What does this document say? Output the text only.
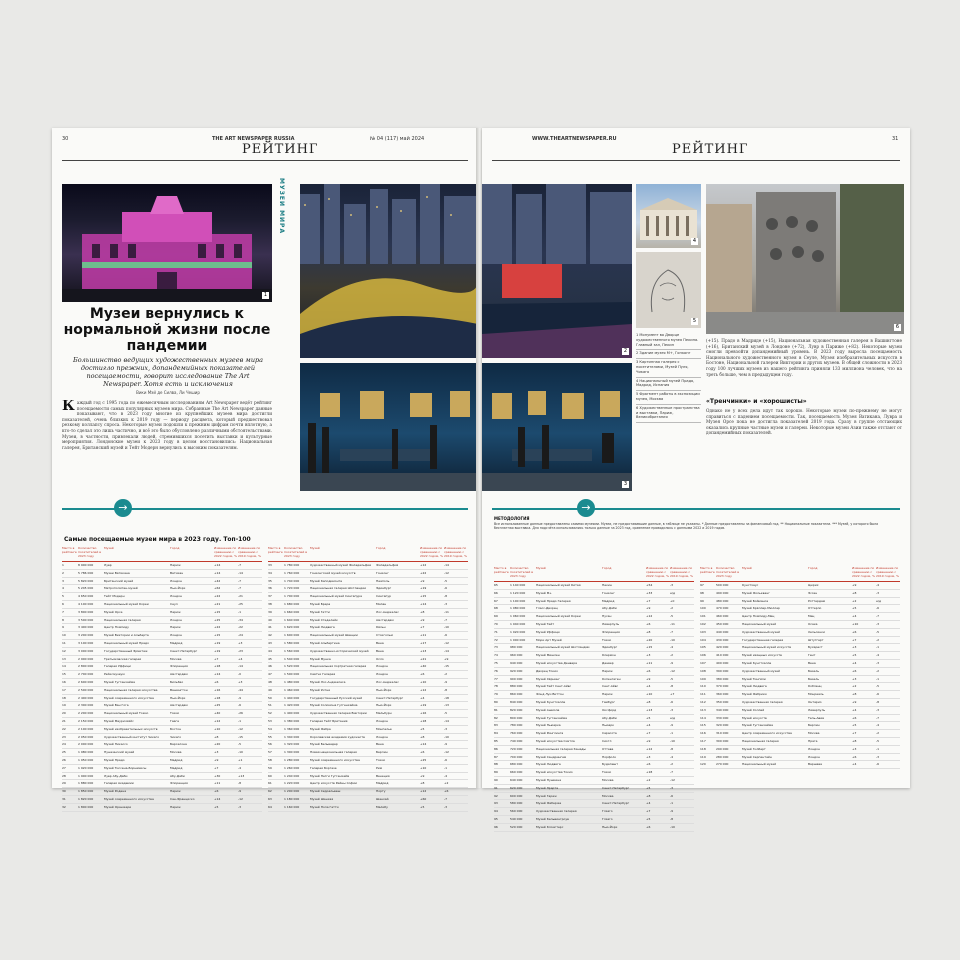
30	THE ART NEWSPAPER RUSSIA	№ 04 (117) май 2024
РЕЙТИНГ
1
МУЗЕИ МИРА
Музеи вернулись к нормальной жизни после пандемии
Большинство ведущих художественных музеев мира достигло прежних, допандемийных показателей посещаемости, говорит исследование The Art Newspaper. Хотя есть и исключения
Вики Мэй де Силва, Ли Чешир
Каждый год с 1995 года по ежемесячным исследованиям Art Newspaper ведёт рейтинг посещаемости самых популярных музеев мира. Собранные The Art Newspaper данные показывают, что в 2023 году многие из крупнейших музеев мира достигли показателей, очень близких к 2019 году — периоду расцвета, который предшествовал резкому коллапсу спроса. Некоторые музеи подошли к прежним цифрам почти вплотную, а кто-то сделал это лишь частично, и всё это было обусловлено различными обстоятельствами. Музеи, в частности, привлекали людей, стремившихся посетить выставки и культурные мероприятия. Лондонские музеи к 2023 году в целом восстановились: Национальная галерея, Британский музей и Тейт Модерн вернулись к высоким показателям.
WWW.THEARTNEWSPAPER.RU	31
РЕЙТИНГ
2
3
4
5
1 Монумент во Дворце художественного музея Пекина. Главный зал, Пекин
2 Здание музея M+, Гонконг
3 Картинная галерея с посетителями, Музей Пуля, Чикаго
4 Национальный музей Прадо, Мадрид, Испания
5 Фрагмент работы в экспозиции музея, Москва
6 Художественные пространства и выставки, Париж, Великобритания
6
(+15). Прадо в Мадриде (+15), Национальная художественная галерея в Вашингтоне (+16), Британский музей в Лондоне (+72), Лувр в Париже (+82). Некоторые музеи смогли превзойти допандемийный уровень. В 2023 году выросла посещаемость Национального художественного музея в Сеуле, Музея изобразительных искусств в Бостоне, Национальной галереи Виктории и других музеев. В общей сложности в 2023 году 100 лучших музеев из нашего рейтинга приняли 133 миллиона человек, что на треть больше, чем в предыдущем году.
«Тренчинки» и «хорошисты»
Однако не у всех дела идут так хорошо. Некоторые музеи по-прежнему не могут справиться с падением посещаемости. Так, посещаемость Музея Ватикана, Лувра и Музея Орсе пока не достигла показателей 2019 года. Сразу в группе отстающих оказались крупные частные музеи и галереи. Некоторые музеи Азии также отстают от допандемийных показателей.
МЕТОДОЛОГИЯ
Все использованные данные предоставлены самими музеями. Музеи, не предоставившие данные, в таблице не указаны. * Данные предоставлены за финансовый год. ** Национальные показатели. *** Музей, у которого была бесплатная выставка. Для подсчёта использовались только данные за 2023 год, сравнение проводилось с данными 2022 и 2019 годов.
→	→
Самые посещаемые музеи мира в 2023 году. Топ-100
Место в рейтинге
Количество посетителей в 2023 году
Музей	Город	Изменение по сравнению с 2022 годом, %
Изменение по сравнению с 2019 годом, %
1	8 900 000	Лувр	Париж	+14	-7
2	5 786 000	Музеи Ватикана	Ватикан	+14	-14
3	5 820 000	Британский музей	Лондон	+42	-7
4	5 245 000	Метрополитен-музей	Нью-Йорк	+62	-7
5	4 650 000	Тейт Модерн	Лондон	+22	-21
6	4 100 000	Национальный музей Кореи	Сеул	+21	-25
7	3 800 000	Музей Орсе	Париж	+15	-1
8	3 500 000	Национальная галерея	Лондон	+25	-34
9	3 400 000	Центр Помпиду	Париж	+22	-22
10	3 200 000	Музей Виктории и Альберта	Лондон	+15	-24
11	3 100 000	Национальный музей Прадо	Мадрид	+19	+3
12	3 000 000	Государственный Эрмитаж	Санкт-Петербург	+19	-23
13	2 900 000	Третьяковская галерея	Москва	+7	+4
14	2 800 000	Галерея Уффици	Флоренция	+18	-14
15	2 700 000	Рейксмузеум	Амстердам	+14	-0
16	2 600 000	Музей Гуггенхайма	Бильбао	+6	+3
17	2 500 000	Национальная галерея искусства	Вашингтон	+16	-44
18	2 400 000	Музей современного искусства	Нью-Йорк	+18	-9
19	2 300 000	Музей Ван Гога	Амстердам	+25	-6
20	2 200 000	Национальный музей Токио	Токио	+40	-26
21	2 150 000	Музей Мауричхёйс	Гаага	+12	-1
22	2 100 000	Музей изобразительных искусств	Бостон	+10	-12
23	2 050 000	Художественный институт Чикаго	Чикаго	+8	-15
24	2 000 000	Музей Пикассо	Барселона	+20	-5
25	1 980 000	Пушкинский музей	Москва	+3	-10
26	1 950 000	Музей Прадо	Мадрид	+9	+1
27	1 920 000	Музей Тиссена-Борнемисы	Мадрид	+7	-4
28	1 900 000	Лувр Абу-Даби	Абу-Даби	+30	+13
29	1 880 000	Галерея Академии	Флоренция	+11	-8
30	1 850 000	Музей Родена	Париж	+6	-9
31	1 820 000	Музей современного искусства	Сан-Франциско	+14	-12
32	1 800 000	Музей Оранжери	Париж	+5	-3
Место в рейтинге
Количество посетителей в 2023 году
Музей	Город	Изменение по сравнению с 2022 годом, %
Изменение по сравнению с 2019 годом, %
33	1 780 000	Художественный музей Филадельфии	Филадельфия	+12	-14
34	1 760 000	Гонконгский музей искусств	Гонконг	+22	-12
35	1 740 000	Музей Каподимонте	Неаполь	+9	-5
36	1 720 000	Национальная галерея Шотландии	Эдинбург	+19	-6
37	1 700 000	Национальный музей Сингапура	Сингапур	+15	-8
38	1 680 000	Музей Брера	Милан	+14	-3
39	1 660 000	Музей Гетти	Лос-Анджелес	+8	-11
40	1 640 000	Музей Стеделейк	Амстердам	+9	-7
41	1 620 000	Музей Людвига	Кёльн	+7	-10
42	1 600 000	Национальный музей Швеции	Стокгольм	+11	-6
43	1 580 000	Музей Альбертина	Вена	+17	-12
44	1 560 000	Художественно-исторический музей	Вена	+13	-14
45	1 540 000	Музей Мунка	Осло	+21	+9
46	1 520 000	Национальная портретная галерея	Лондон	+40	-15
47	1 500 000	Саатчи Галерея	Лондон	+6	-2
48	1 480 000	Музей Лос-Анджелеса	Лос-Анджелес	+10	-9
49	1 460 000	Музей Уитни	Нью-Йорк	+12	-8
50	1 440 000	Государственный Русский музей	Санкт-Петербург	+4	-18
51	1 420 000	Музей Соломона Гуггенхайма	Нью-Йорк	+19	-13
52	1 400 000	Художественная галерея Виктории	Мельбурн	+16	-5
53	1 380 000	Галерея Тейт Британия	Лондон	+18	-14
54	1 360 000	Музей Фабра	Монпелье	+5	-3
55	1 340 000	Королевская академия художеств	Лондон	+8	-10
56	1 320 000	Музей Бельведер	Вена	+14	-9
57	1 300 000	Новая национальная галерея	Берлин	+6	-12
58	1 280 000	Музей современного искусства	Токио	+25	-6
59	1 260 000	Галерея Боргезе	Рим	+10	-1
60	1 240 000	Музей Пегги Гуггенхайм	Венеция	+9	-4
61	1 220 000	Центр искусств Рейны Софии	Мадрид	+8	+2
62	1 200 000	Музей Серральвеш	Порту	+12	+6
63	1 180 000	Музей Шанхая	Шанхай	+60	-7
64	1 160 000	Музей Пола Гетти	Малибу	+5	-3
Место в рейтинге
Количество посетителей в 2023 году
Музей	Город	Изменение по сравнению с 2022 годом, %
Изменение по сравнению с 2019 годом, %
65	1 140 000	Национальный музей Китая	Пекин	+54	-3
66	1 120 000	Музей M+	Гонконг	+33	н/д
67	1 100 000	Музей Прадо Галерея	Мадрид	+7	+0
68	1 080 000	Гласс-Дворец	Абу-Даби	+9	-2
69	1 060 000	Национальный музей Кореи	Пусан	+12	-5
70	1 040 000	Музей Тейт	Ливерпуль	+6	-11
71	1 020 000	Музей Уффици	Флоренция	+8	-7
72	1 000 000	Мори Арт Музей	Токио	+20	-10
73	980 000	Национальный музей Шотландии	Эдинбург	+15	-4
74	960 000	Музей Мишлен	Клермон	+3	-2
75	940 000	Музей искусства Денвера	Денвер	+11	-9
76	920 000	Дворец Токио	Париж	+6	-12
77	900 000	Музей Хёрнинг	Копенгаген	+9	-5
78	880 000	Музей Тейт Сент-Айвс	Сент-Айвс	+4	-8
79	860 000	Фонд Луи Виттон	Париж	+10	+7
80	840 000	Музей Кунстхалле	Гамбург	+8	-6
81	820 000	Музей Ашмола	Оксфорд	+13	-3
82	800 000	Музей Гуггенхайма	Абу-Даби	+5	н/д
83	780 000	Музей Ньюарка	Ньюарк	+4	-9
84	760 000	Музей Ринглинга	Сарасота	+7	-1
85	740 000	Музей искусства Сиэтла	Сиэтл	+9	-10
86	720 000	Национальная галерея Канады	Оттава	+12	-8
87	700 000	Музей Сандрингем	Норфолк	+3	-4
88	680 000	Музей Людвига	Будапешт	+6	-2
89	660 000	Музей искусства Токио	Токио	+18	-7
90	640 000	Музей Пушкина	Москва	+2	-12
91	620 000	Музей Эрарта	Санкт-Петербург	+5	-3
92	600 000	Музей Гараж	Москва	+8	-6
93	580 000	Музей Фаберже	Санкт-Петербург	+4	-1
94	560 000	Художественная галерея	Глазго	+7	-9
95	540 000	Музей Кельвингроув	Глазго	+5	-8
96	520 000	Музей Клоистерс	Нью-Йорк	+6	-10
Место в рейтинге
Количество посетителей в 2023 году
Музей	Город	Изменение по сравнению с 2022 годом, %
Изменение по сравнению с 2019 годом, %
97	500 000	Кунстхаус	Цюрих	+9	-4
98	490 000	Музей Фолькванг	Эссен	+8	-3
99	480 000	Музей Бойманса	Роттердам	+2	н/д
100	470 000	Музей Крёллер-Мюллер	Оттерло	+5	-6
101	460 000	Центр Помпиду-Мец	Мец	+4	-7
102	450 000	Национальный музей	Осака	+10	-3
103	440 000	Художественный музей	Хельсинки	+6	-5
104	430 000	Государственная галерея	Штутгарт	+7	-2
105	420 000	Национальный музей искусств	Бухарест	+3	-1
106	410 000	Музей изящных искусств	Гент	+5	-4
107	400 000	Музей Кунстхалле	Вена	+4	-3
108	390 000	Художественный музей	Базель	+6	-2
109	380 000	Музей Тинге́ли	Базель	+3	-1
110	370 000	Музей Людвига	Кобленц	+2	-5
111	360 000	Музей Фабрики	Монреаль	+8	-6
112	350 000	Художественная галерея	Онтарио	+9	-8
113	340 000	Музей Холлей	Ливерпуль	+4	-3
114	330 000	Музей искусств	Тель-Авив	+6	-7
115	320 000	Музей Гуггенхайма	Берлин	+5	-4
116	310 000	Центр современного искусства	Москва	+7	-2
117	300 000	Национальная галерея	Прага	+8	-5
118	290 000	Музей Гилберт	Лондон	+3	-1
119	280 000	Музей Серпентайн	Лондон	+6	-3
120	270 000	Национальный музей	Варшава	+4	-6
